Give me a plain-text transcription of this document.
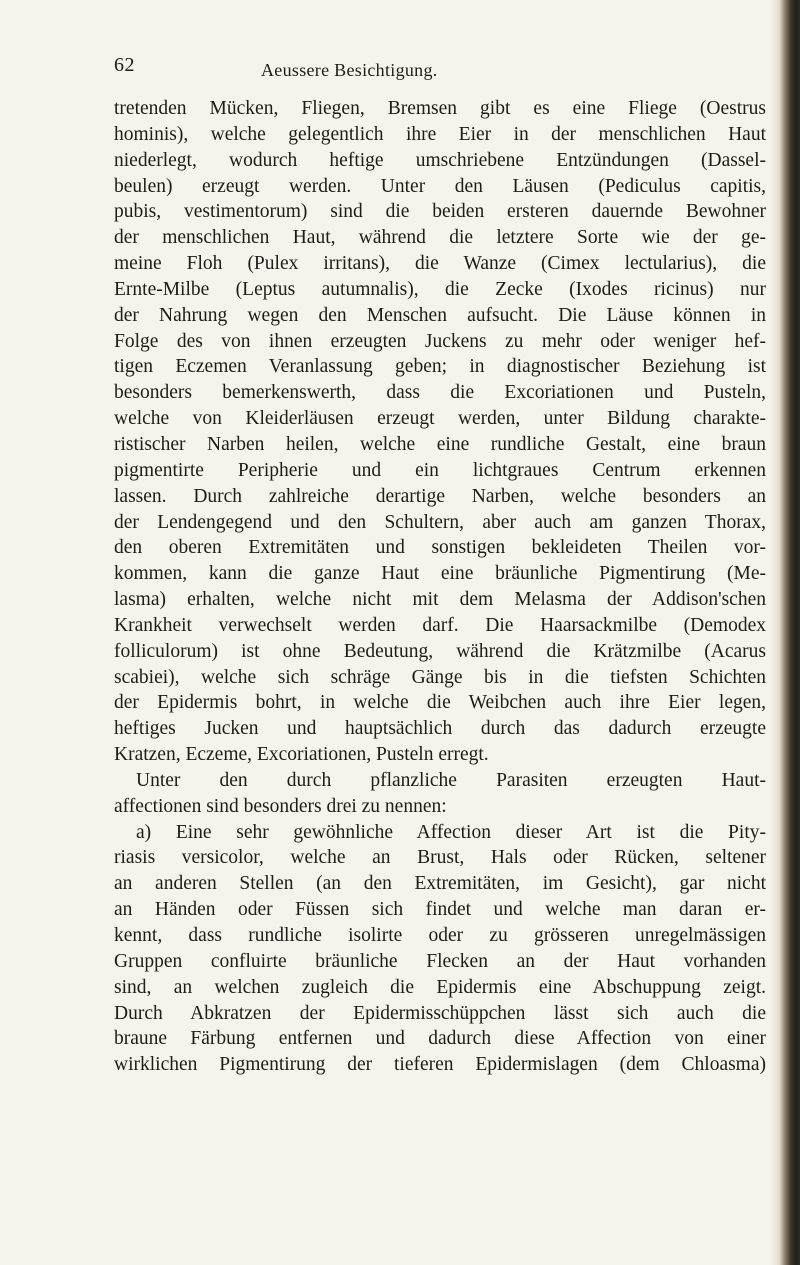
62	Aeussere Besichtigung.
tretenden Mücken, Fliegen, Bremsen gibt es eine Fliege (Oestrus
hominis), welche gelegentlich ihre Eier in der menschlichen Haut
niederlegt, wodurch heftige umschriebene Entzündungen (Dassel-
beulen) erzeugt werden. Unter den Läusen (Pediculus capitis,
pubis, vestimentorum) sind die beiden ersteren dauernde Bewohner
der menschlichen Haut, während die letztere Sorte wie der ge-
meine Floh (Pulex irritans), die Wanze (Cimex lectularius), die
Ernte-Milbe (Leptus autumnalis), die Zecke (Ixodes ricinus) nur
der Nahrung wegen den Menschen aufsucht. Die Läuse können in
Folge des von ihnen erzeugten Juckens zu mehr oder weniger hef-
tigen Eczemen Veranlassung geben; in diagnostischer Beziehung ist
besonders bemerkenswerth, dass die Excoriationen und Pusteln,
welche von Kleiderläusen erzeugt werden, unter Bildung charakte-
ristischer Narben heilen, welche eine rundliche Gestalt, eine braun
pigmentirte Peripherie und ein lichtgraues Centrum erkennen
lassen. Durch zahlreiche derartige Narben, welche besonders an
der Lendengegend und den Schultern, aber auch am ganzen Thorax,
den oberen Extremitäten und sonstigen bekleideten Theilen vor-
kommen, kann die ganze Haut eine bräunliche Pigmentirung (Me-
lasma) erhalten, welche nicht mit dem Melasma der Addison'schen
Krankheit verwechselt werden darf. Die Haarsackmilbe (Demodex
folliculorum) ist ohne Bedeutung, während die Krätzmilbe (Acarus
scabiei), welche sich schräge Gänge bis in die tiefsten Schichten
der Epidermis bohrt, in welche die Weibchen auch ihre Eier legen,
heftiges Jucken und hauptsächlich durch das dadurch erzeugte
Kratzen, Eczeme, Excoriationen, Pusteln erregt.
Unter den durch pflanzliche Parasiten erzeugten Haut-
affectionen sind besonders drei zu nennen:
a) Eine sehr gewöhnliche Affection dieser Art ist die Pity-
riasis versicolor, welche an Brust, Hals oder Rücken, seltener
an anderen Stellen (an den Extremitäten, im Gesicht), gar nicht
an Händen oder Füssen sich findet und welche man daran er-
kennt, dass rundliche isolirte oder zu grösseren unregelmässigen
Gruppen confluirte bräunliche Flecken an der Haut vorhanden
sind, an welchen zugleich die Epidermis eine Abschuppung zeigt.
Durch Abkratzen der Epidermisschüppchen lässt sich auch die
braune Färbung entfernen und dadurch diese Affection von einer
wirklichen Pigmentirung der tieferen Epidermislagen (dem Chloasma)
